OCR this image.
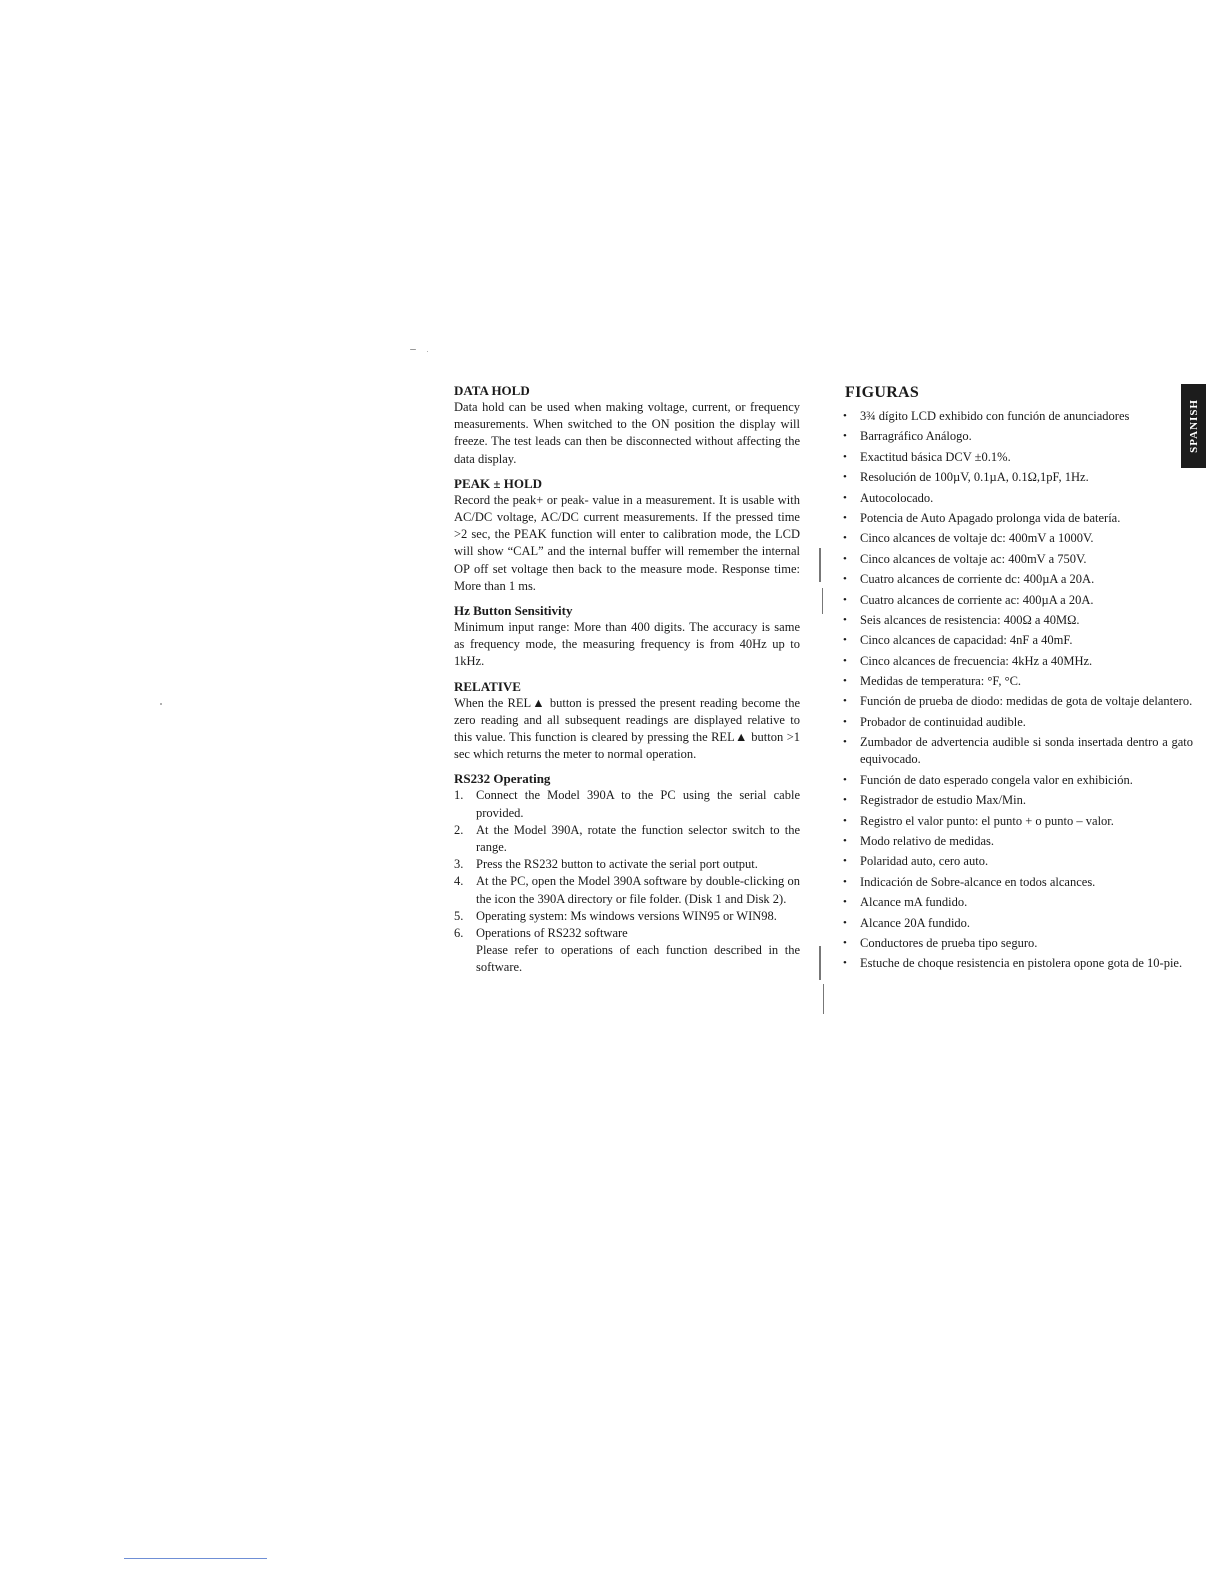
DATA HOLD

Data hold can be used when making voltage, current, or frequency measurements. When switched to the ON position the display will freeze. The test leads can then be disconnected without affecting the data display.

PEAK ± HOLD

Record the peak+ or peak- value in a measurement. It is usable with AC/DC voltage, AC/DC current measurements. If the pressed time >2 sec, the PEAK function will enter to calibration mode, the LCD will show “CAL” and the internal buffer will remember the internal OP off set voltage then back to the measure mode. Response time: More than 1 ms.

Hz Button Sensitivity

Minimum input range: More than 400 digits. The accuracy is same as frequency mode, the measuring frequency is from 40Hz up to 1kHz.

RELATIVE

When the REL▲ button is pressed the present reading become the zero reading and all subsequent readings are displayed relative to this value. This function is cleared by pressing the REL▲ button >1 sec which returns the meter to normal operation.

RS232 Operating

1. Connect the Model 390A to the PC using the serial cable provided.
2. At the Model 390A, rotate the function selector switch to the range.
3. Press the RS232 button to activate the serial port output.
4. At the PC, open the Model 390A software by double-clicking on the icon the 390A directory or file folder. (Disk 1 and Disk 2).
5. Operating system: Ms windows versions WIN95 or WIN98.
6. Operations of RS232 software
Please refer to operations of each function described in the software.

FIGURAS

• 3¾ dígito LCD exhibido con función de anunciadores
• Barragráfico Análogo.
• Exactitud básica DCV ±0.1%.
• Resolución de 100µV, 0.1µA, 0.1Ω,1pF, 1Hz.
• Autocolocado.
• Potencia de Auto Apagado prolonga vida de batería.
• Cinco alcances de voltaje dc: 400mV a 1000V.
• Cinco alcances de voltaje ac: 400mV a 750V.
• Cuatro alcances de corriente dc: 400µA a 20A.
• Cuatro alcances de corriente ac: 400µA a 20A.
• Seis alcances de resistencia: 400Ω a 40MΩ.
• Cinco alcances de capacidad: 4nF a 40mF.
• Cinco alcances de frecuencia: 4kHz a 40MHz.
• Medidas de temperatura: °F, °C.
• Función de prueba de diodo: medidas de gota de voltaje delantero.
• Probador de continuidad audible.
• Zumbador de advertencia audible si sonda insertada dentro a gato equivocado.
• Función de dato esperado congela valor en exhibición.
• Registrador de estudio Max/Min.
• Registro el valor punto: el punto + o punto – valor.
• Modo relativo de medidas.
• Polaridad auto, cero auto.
• Indicación de Sobre-alcance en todos alcances.
• Alcance mA fundido.
• Alcance 20A fundido.
• Conductores de prueba tipo seguro.
• Estuche de choque resistencia en pistolera opone gota de 10-pie.
SPANISH
